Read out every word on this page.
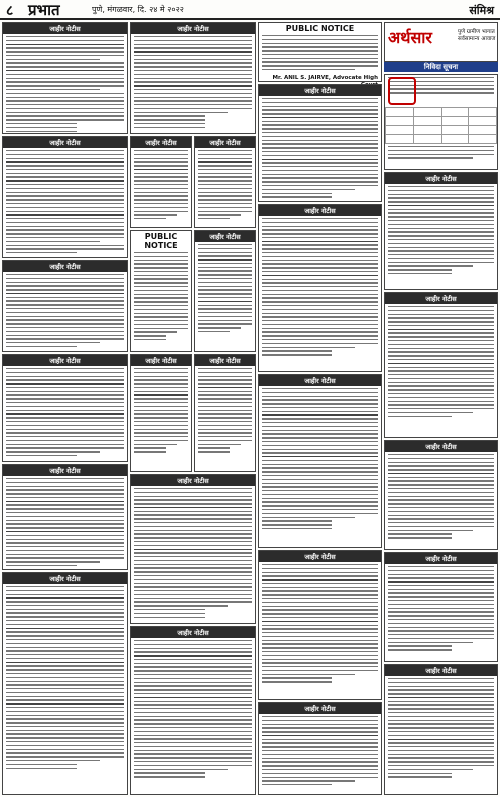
८ प्रभात	पुणे, मंगळवार, दि. २४ मे २०२२	संमिश्र
जाहीर नोटीस
जाहीर नोटीस
जाहीर नोटीस
जाहीर नोटीस
जाहीर नोटीस
जाहीर नोटीस
जाहीर नोटीस
जाहीर नोटीस	जाहीर नोटीस
PUBLIC NOTICE
जाहीर नोटीस
जाहीर नोटीस	जाहीर नोटीस
जाहीर नोटीस
जाहीर नोटीस
PUBLIC NOTICE
Mr. ANIL S. JAIRVE, Advocate High
जाहीर नोटीस
जाहीर नोटीस
जाहीर नोटीस
जाहीर नोटीस
जाहीर नोटीस
अर्थसार	पुणे ग्रामीण भागात सर्वसामान्य आवाज
निविदा सूचना

जाहीर नोटीस
जाहीर नोटीस
जाहीर नोटीस
जाहीर नोटीस
जाहीर नोटीस
